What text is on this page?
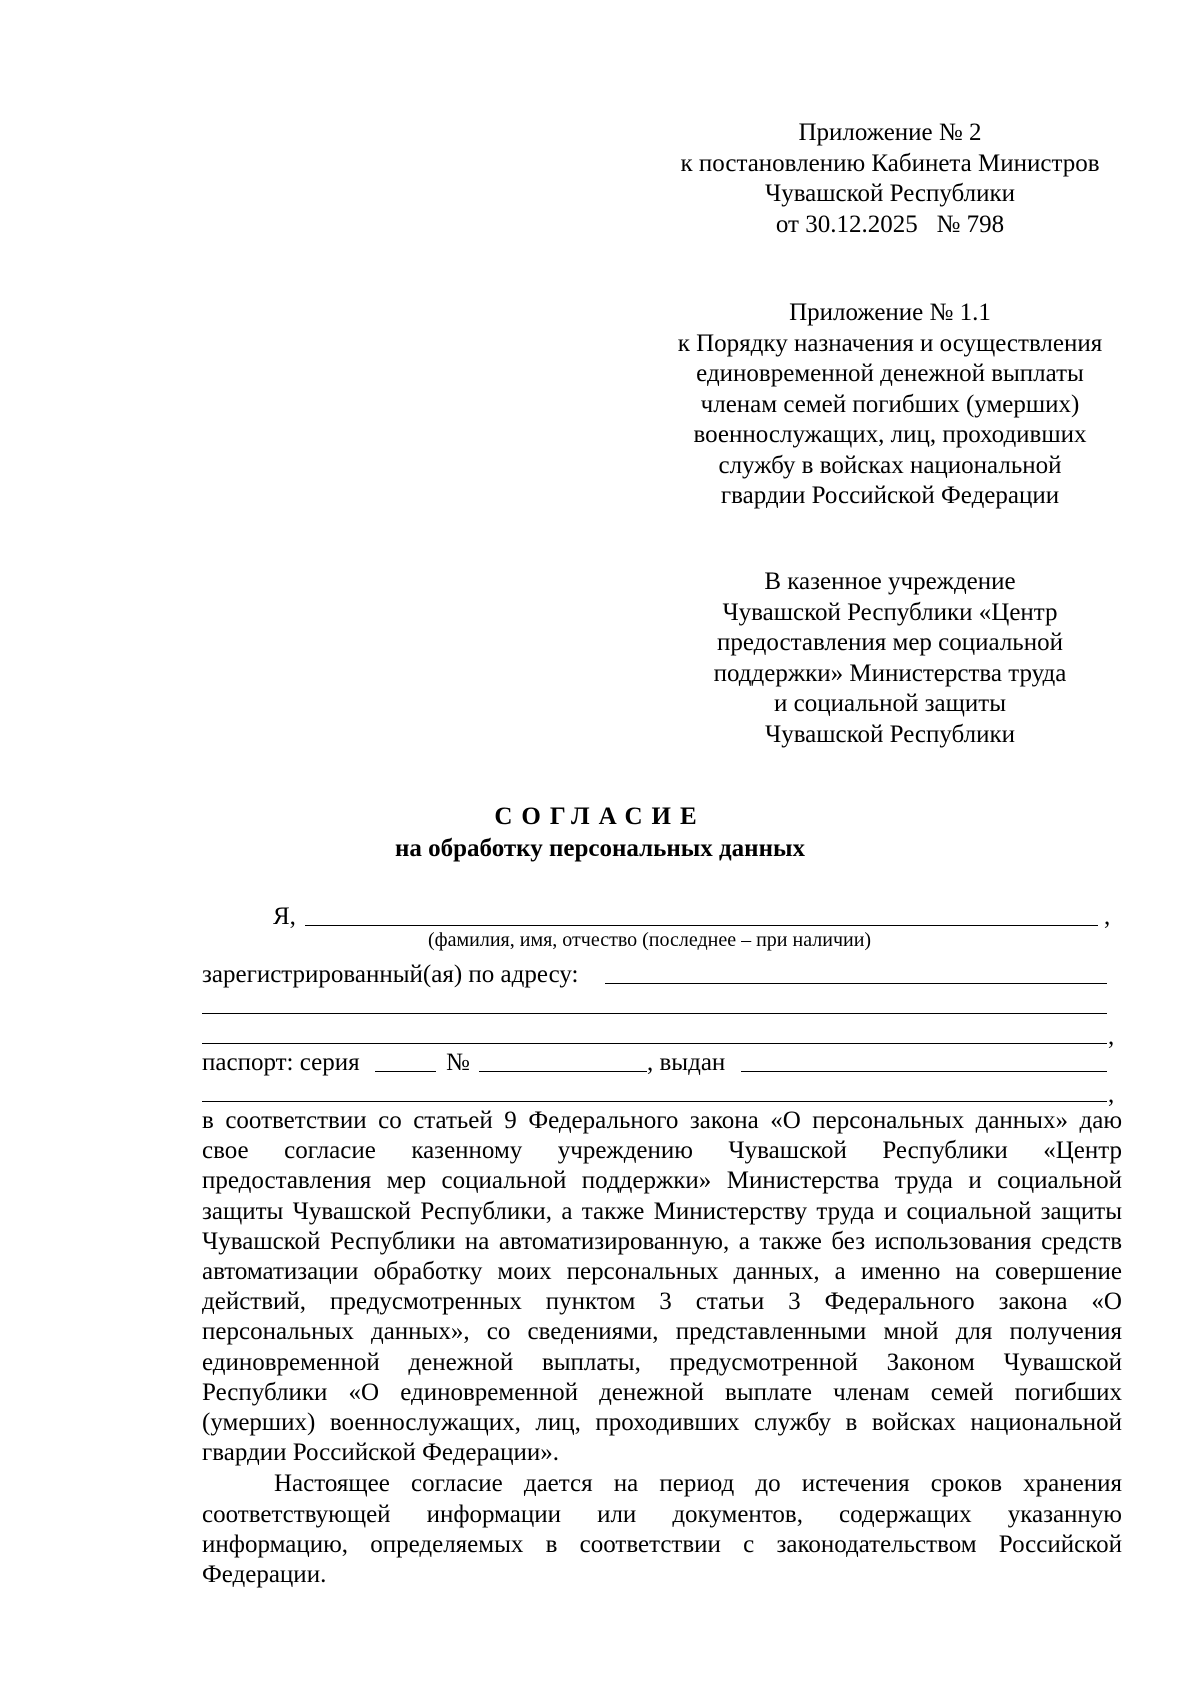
Приложение № 2
к постановлению Кабинета Министров
Чувашской Республики
от 30.12.2025   № 798
Приложение № 1.1
к Порядку назначения и осуществления
единовременной денежной выплаты
членам семей погибших (умерших)
военнослужащих, лиц, проходивших
службу в войсках национальной
гвардии Российской Федерации
В казенное учреждение
Чувашской Республики «Центр
предоставления мер социальной
поддержки» Министерства труда
и социальной защиты
Чувашской Республики
СОГЛАСИЕ
на обработку персональных данных
Я,	,
(фамилия, имя, отчество (последнее – при наличии)
зарегистрированный(ая) по адресу:
,
паспорт: серия	№	, выдан
,

в соответствии со статьей 9 Федерального закона «О персональных данных» даю свое согласие казенному учреждению Чувашской Республики «Центр предоставления мер социальной поддержки» Министерства труда и социальной защиты Чувашской Республики, а также Министерству труда и социальной защиты Чувашской Республики на автоматизированную, а также без использования средств автоматизации обработку моих персональных данных, а именно на совершение действий, предусмотренных пунктом 3 статьи 3 Федерального закона «О персональных данных», со сведениями, представленными мной для получения единовременной денежной выплаты, предусмотренной Законом Чувашской Республики «О единовременной денежной выплате членам семей погибших (умерших) военнослужащих, лиц, проходивших службу в войсках национальной гвардии Российской Федерации».

Настоящее согласие дается на период до истечения сроков хранения соответствующей информации или документов, содержащих указанную информацию, определяемых в соответствии с законодательством Российской Федерации.
